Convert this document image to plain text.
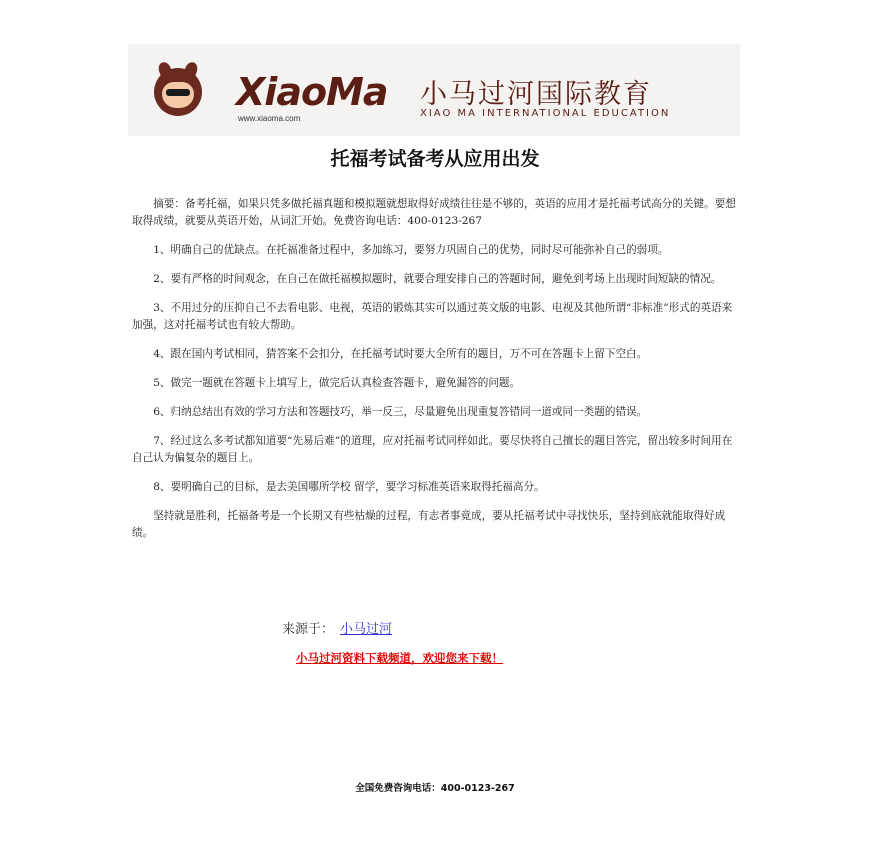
XiaoMa
www.xiaoma.com
小马过河国际教育
XIAO MA INTERNATIONAL EDUCATION
托福考试备考从应用出发

摘要：备考托福，如果只凭多做托福真题和模拟题就想取得好成绩往往是不够的，英语的应用才是托福考试高分的关键。要想取得成绩，就要从英语开始，从词汇开始。免费咨询电话：400-0123-267

1、明确自己的优缺点。在托福准备过程中，多加练习，要努力巩固自己的优势，同时尽可能弥补自己的弱项。

2、要有严格的时间观念，在自己在做托福模拟题时，就要合理安排自己的答题时间，避免到考场上出现时间短缺的情况。

3、不用过分的压抑自己不去看电影、电视，英语的锻炼其实可以通过英文版的电影、电视及其他所谓“非标准”形式的英语来加强，这对托福考试也有较大帮助。

4、跟在国内考试相同，猜答案不会扣分，在托福考试时要大全所有的题目，万不可在答题卡上留下空白。

5、做完一题就在答题卡上填写上，做完后认真检查答题卡，避免漏答的问题。

6、归纳总结出有效的学习方法和答题技巧，举一反三，尽量避免出现重复答错同一道或同一类题的错误。

7、经过这么多考试都知道要“先易后难”的道理，应对托福考试同样如此。要尽快将自己擅长的题目答完，留出较多时间用在自己认为偏复杂的题目上。

8、要明确自己的目标，是去美国哪所学校 留学，要学习标准英语来取得托福高分。

坚持就是胜利，托福备考是一个长期又有些枯燥的过程，有志者事竟成，要从托福考试中寻找快乐，坚持到底就能取得好成绩。

来源于： 小马过河
小马过河资料下载频道，欢迎您来下载！
全国免费咨询电话：400-0123-267
